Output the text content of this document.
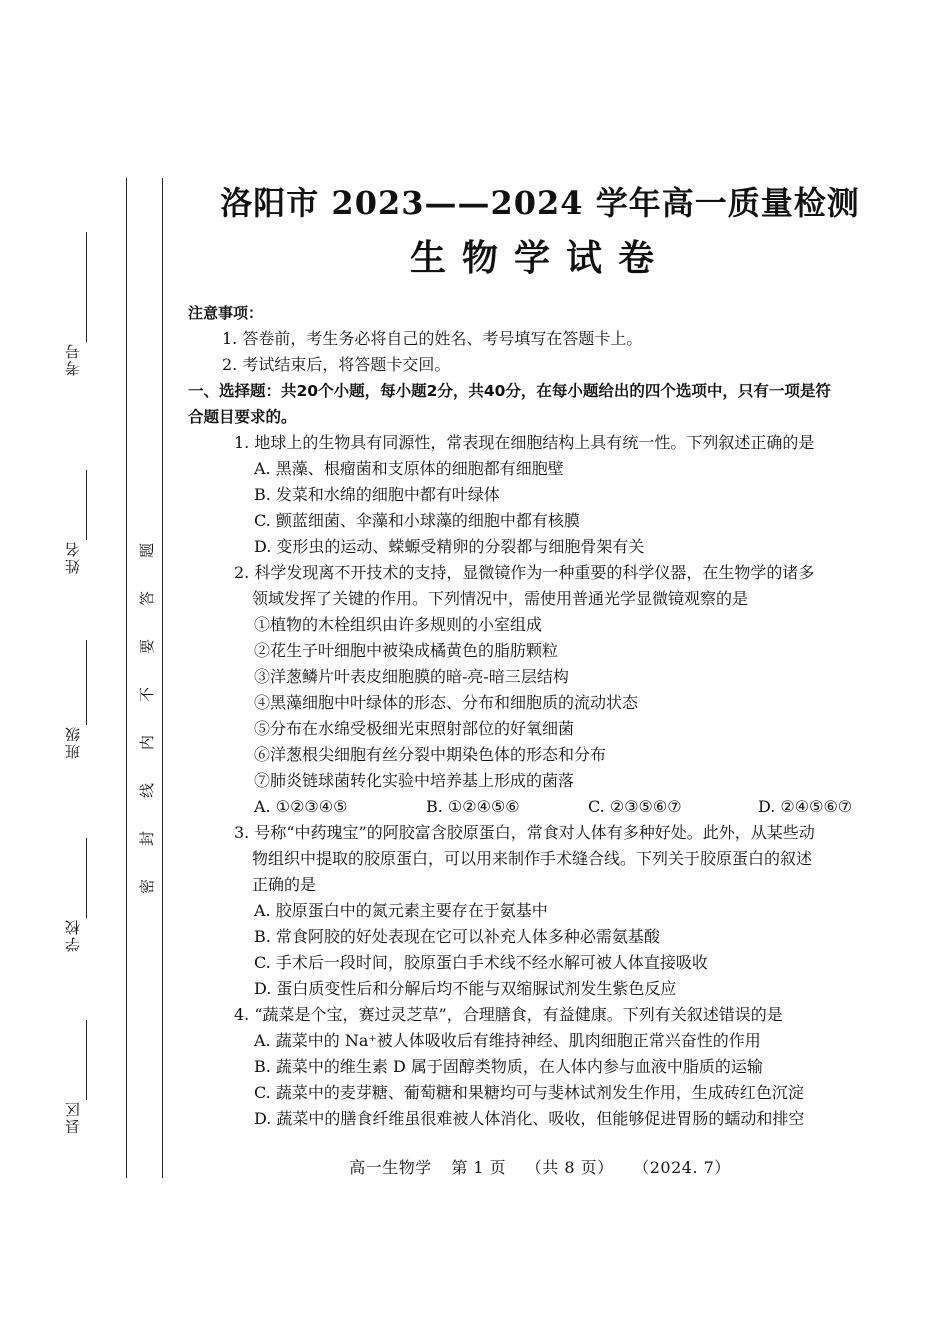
考号
姓名
班级
学校
县区
题
答
要
不
内
线
封
密
洛阳市 2023——2024 学年高一质量检测
生物学试卷
注意事项：
1. 答卷前，考生务必将自己的姓名、考号填写在答题卡上。
2. 考试结束后，将答题卡交回。
一、选择题：共20个小题，每小题2分，共40分，在每小题给出的四个选项中，只有一项是符
合题目要求的。
1. 地球上的生物具有同源性，常表现在细胞结构上具有统一性。下列叙述正确的是
A. 黑藻、根瘤菌和支原体的细胞都有细胞壁
B. 发菜和水绵的细胞中都有叶绿体
C. 颤蓝细菌、伞藻和小球藻的细胞中都有核膜
D. 变形虫的运动、蝾螈受精卵的分裂都与细胞骨架有关
2. 科学发现离不开技术的支持，显微镜作为一种重要的科学仪器，在生物学的诸多
领域发挥了关键的作用。下列情况中，需使用普通光学显微镜观察的是
①植物的木栓组织由许多规则的小室组成
②花生子叶细胞中被染成橘黄色的脂肪颗粒
③洋葱鳞片叶表皮细胞膜的暗-亮-暗三层结构
④黑藻细胞中叶绿体的形态、分布和细胞质的流动状态
⑤分布在水绵受极细光束照射部位的好氧细菌
⑥洋葱根尖细胞有丝分裂中期染色体的形态和分布
⑦肺炎链球菌转化实验中培养基上形成的菌落
A. ①②③④⑤	B. ①②④⑤⑥	C. ②③⑤⑥⑦	D. ②④⑤⑥⑦
3. 号称“中药瑰宝”的阿胶富含胶原蛋白，常食对人体有多种好处。此外，从某些动
物组织中提取的胶原蛋白，可以用来制作手术缝合线。下列关于胶原蛋白的叙述
正确的是
A. 胶原蛋白中的氮元素主要存在于氨基中
B. 常食阿胶的好处表现在它可以补充人体多种必需氨基酸
C. 手术后一段时间，胶原蛋白手术线不经水解可被人体直接吸收
D. 蛋白质变性后和分解后均不能与双缩脲试剂发生紫色反应
4. “蔬菜是个宝，赛过灵芝草”，合理膳食，有益健康。下列有关叙述错误的是
A. 蔬菜中的 Na⁺被人体吸收后有维持神经、肌肉细胞正常兴奋性的作用
B. 蔬菜中的维生素 D 属于固醇类物质，在人体内参与血液中脂质的运输
C. 蔬菜中的麦芽糖、葡萄糖和果糖均可与斐林试剂发生作用，生成砖红色沉淀
D. 蔬菜中的膳食纤维虽很难被人体消化、吸收，但能够促进胃肠的蠕动和排空
高一生物学 第 1 页 （共 8 页） （2024. 7）
